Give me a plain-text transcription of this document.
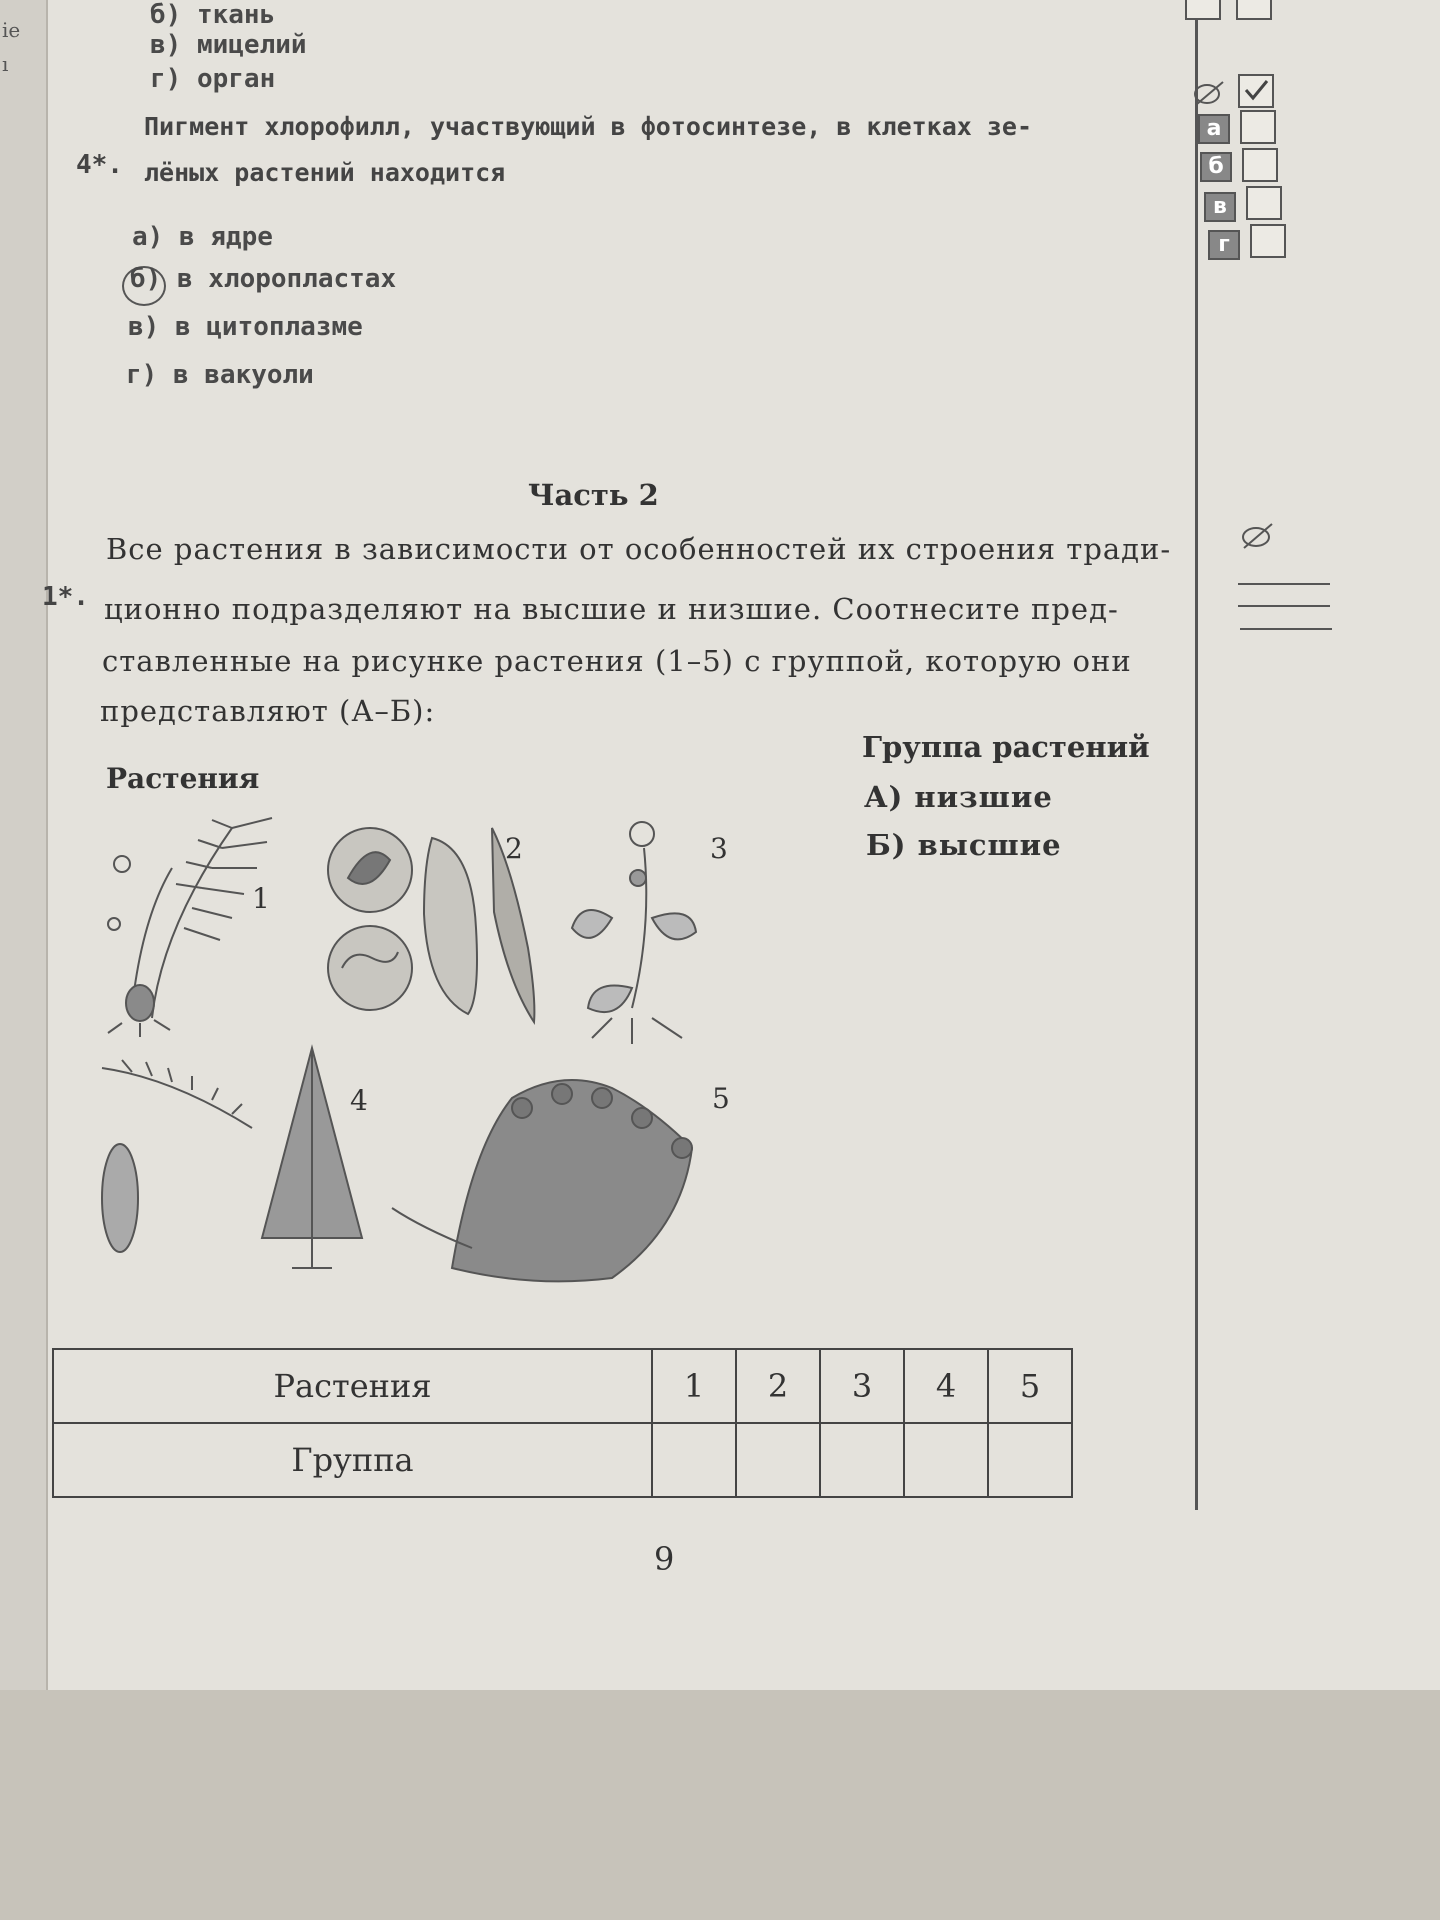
ie
ı
б) ткань
в) мицелий
г) орган
4*.
Пигмент хлорофилл, участвующий в фотосинтезе, в клетках зе-
лёных растений находится
а) в ядре
б) в хлоропластах
в) в цитоплазме
г) в вакуоли
а
б
в
г
Часть 2
1*.
Все растения в зависимости от особенностей их строения тради-
ционно подразделяют на высшие и низшие. Соотнесите пред-
ставленные на рисунке растения (1–5) с группой, которую они
представляют (А–Б):
Растения
Группа растений
А) низшие
Б) высшие
2
1
3
4	5
Растения	1	2	3	4	5
Группа					
9
